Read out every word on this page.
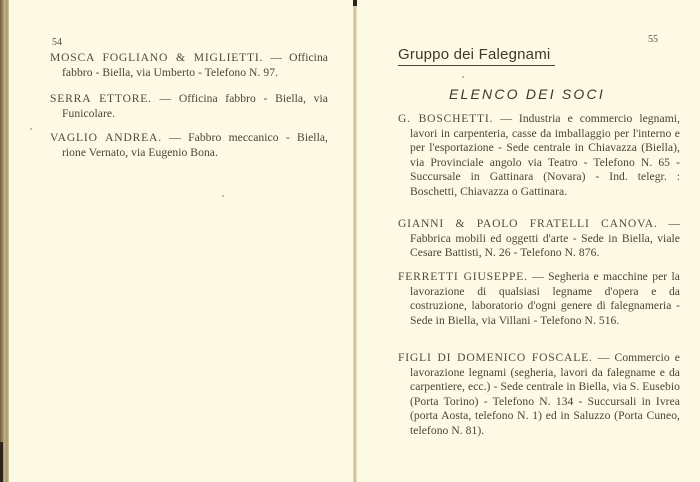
54
MOSCA FOGLIANO & MIGLIETTI. — Officina fabbro - Biella, via Umberto - Telefono N. 97.
SERRA ETTORE. — Officina fabbro - Biella, via Funicolare.
VAGLIO ANDREA. — Fabbro meccanico - Biella, rione Vernato, via Eugenio Bona.
55
Gruppo dei Falegnami
ELENCO DEI SOCI
G. BOSCHETTI. — Industria e commercio legnami, lavori in carpenteria, casse da imballaggio per l'interno e per l'esportazione - Sede centrale in Chiavazza (Biella), via Provinciale angolo via Teatro - Telefono N. 65 - Succursale in Gattinara (Novara) - Ind. telegr. : Boschetti, Chiavazza o Gattinara.
GIANNI & PAOLO FRATELLI CANOVA. — Fabbrica mobili ed oggetti d'arte - Sede in Biella, viale Cesare Battisti, N. 26 - Telefono N. 876.
FERRETTI GIUSEPPE. — Segheria e macchine per la lavorazione di qualsiasi legname d'opera e da costruzione, laboratorio d'ogni genere di falegnameria - Sede in Biella, via Villani - Telefono N. 516.
FIGLI DI DOMENICO FOSCALE. — Commercio e lavorazione legnami (segheria, lavori da falegname e da carpentiere, ecc.) - Sede centrale in Biella, via S. Eusebio (Porta Torino) - Telefono N. 134 - Succursali in Ivrea (porta Aosta, telefono N. 1) ed in Saluzzo (Porta Cuneo, telefono N. 81).
